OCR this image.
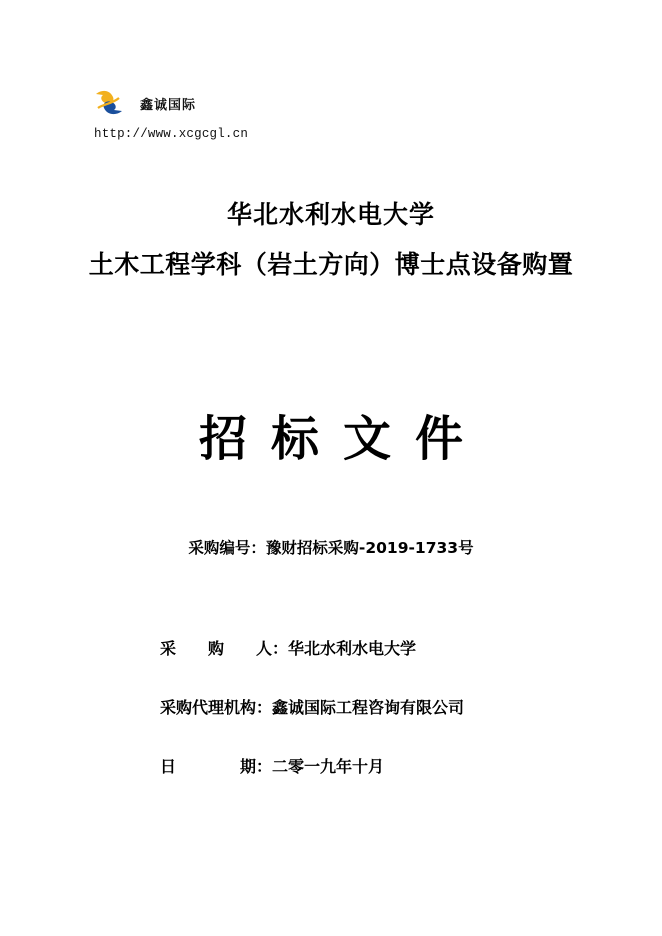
鑫诚国际
http://www.xcgcgl.cn
华北水利水电大学
土木工程学科（岩土方向）博士点设备购置
招标文件
采购编号：豫财招标采购-2019-1733号
采　　购　　人：华北水利水电大学
采购代理机构：鑫诚国际工程咨询有限公司
日　　　　期：二零一九年十月
